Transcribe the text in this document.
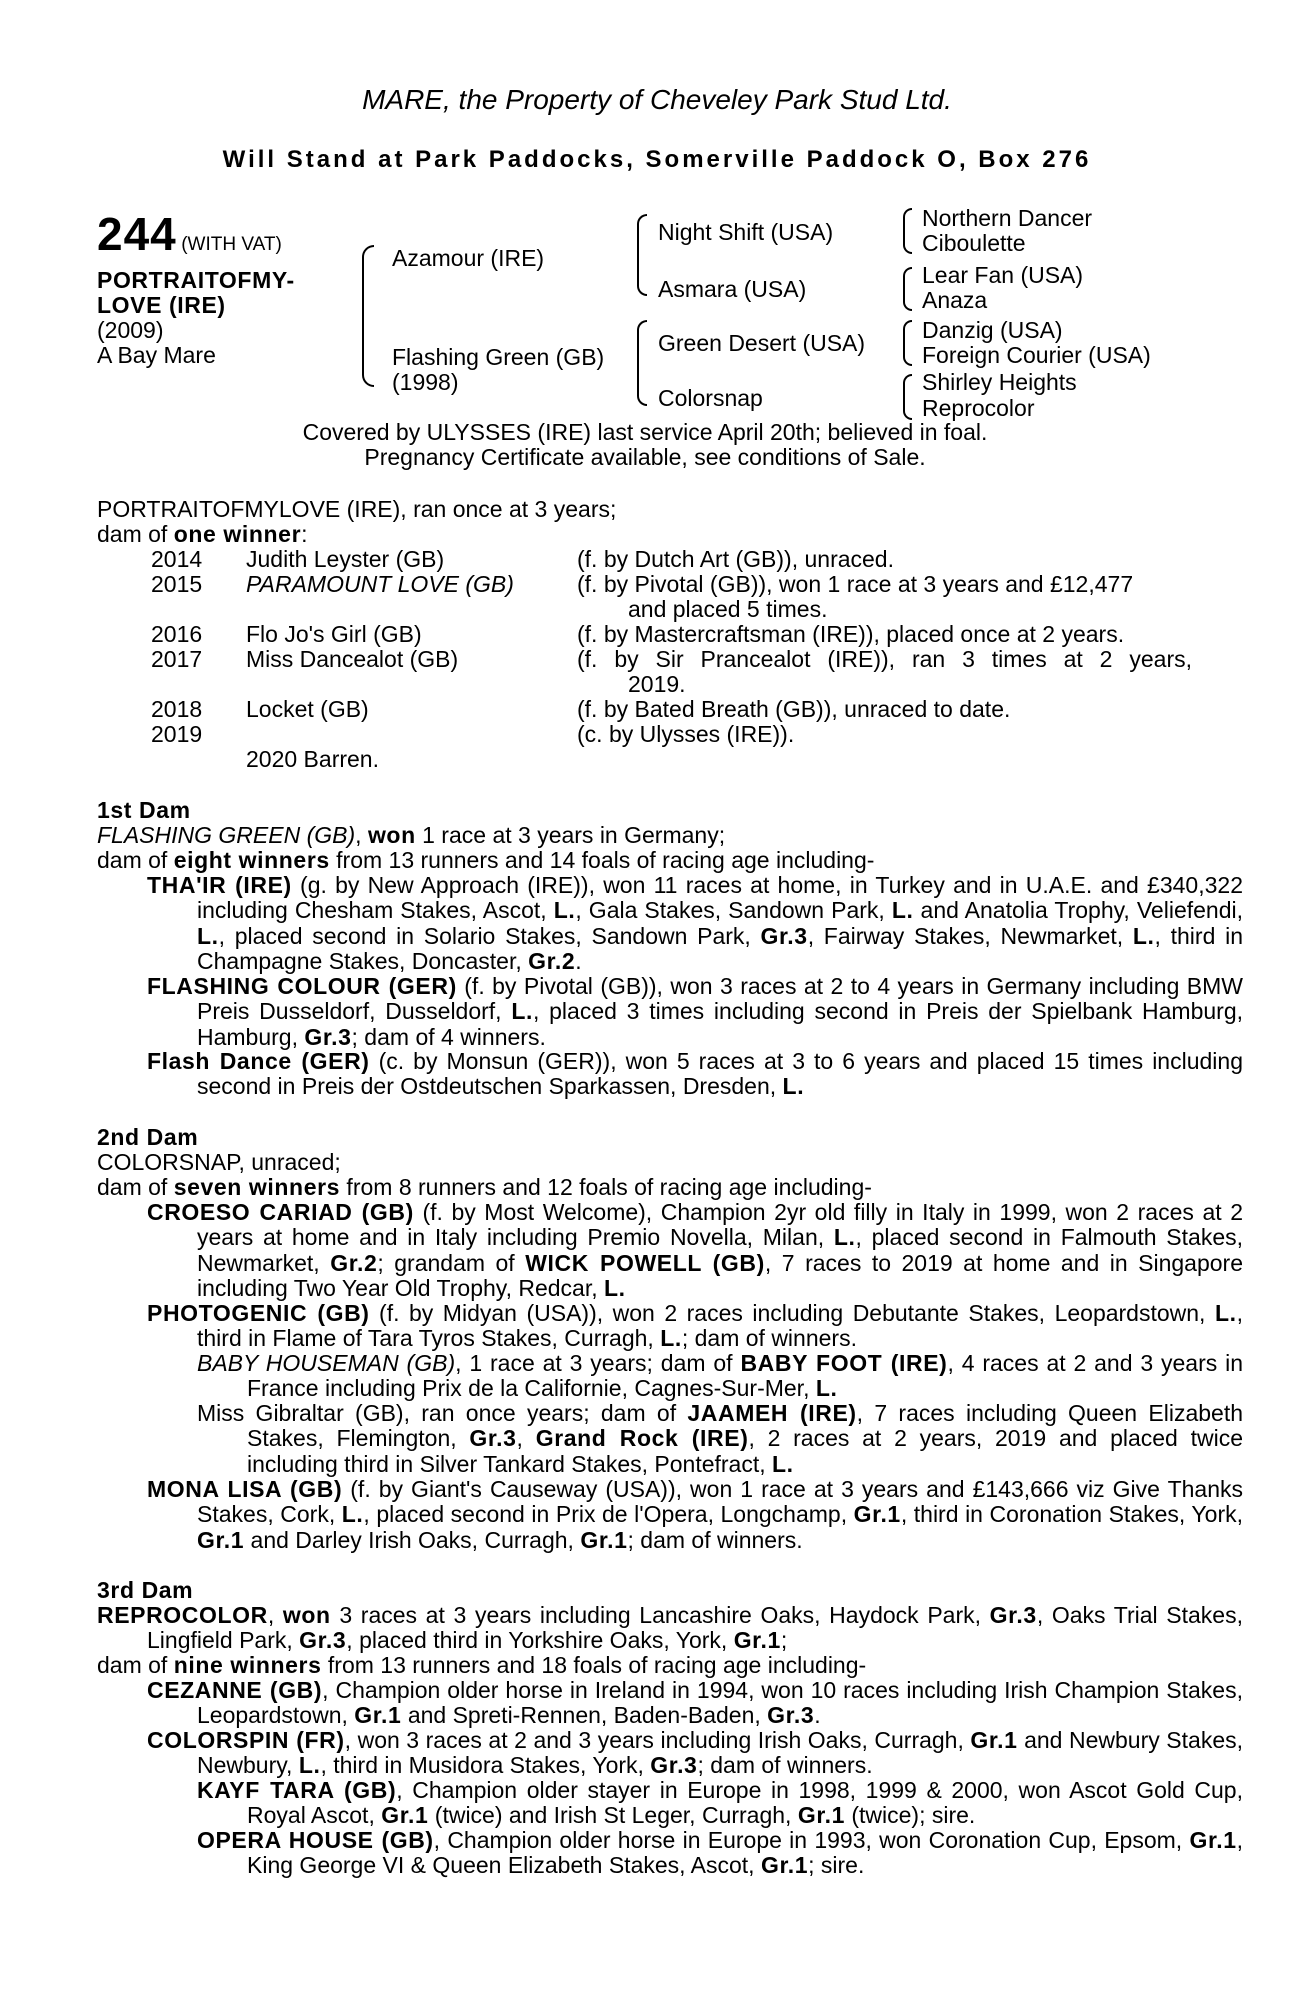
MARE, the Property of Cheveley Park Stud Ltd.
Will Stand at Park Paddocks, Somerville Paddock O, Box 276
244 (WITH VAT)
PORTRAITOFMY-
LOVE (IRE)
(2009)
A Bay Mare
Azamour (IRE)
Flashing Green (GB)
(1998)
Night Shift (USA)
Asmara (USA)
Green Desert (USA)
Colorsnap
Northern Dancer
Ciboulette
Lear Fan (USA)
Anaza
Danzig (USA)
Foreign Courier (USA)
Shirley Heights
Reprocolor
Covered by ULYSSES (IRE) last service April 20th; believed in foal.
Pregnancy Certificate available, see conditions of Sale.
PORTRAITOFMYLOVE (IRE), ran once at 3 years;
dam of one winner:
2014 Judith Leyster (GB)	(f. by Dutch Art (GB)), unraced.
2015 PARAMOUNT LOVE (GB)	(f. by Pivotal (GB)), won 1 race at 3 years and £12,477
and placed 5 times.
2016 Flo Jo's Girl (GB)	(f. by Mastercraftsman (IRE)), placed once at 2 years.
2017 Miss Dancealot (GB)	(f. by Sir Prancealot (IRE)), ran 3 times at 2 years,
2019.
2018 Locket (GB)	(f. by Bated Breath (GB)), unraced to date.
2019	(c. by Ulysses (IRE)).
2020 Barren.
1st Dam
FLASHING GREEN (GB), won 1 race at 3 years in Germany;
dam of eight winners from 13 runners and 14 foals of racing age including-
THA'IR (IRE) (g. by New Approach (IRE)), won 11 races at home, in Turkey and in U.A.E. and £340,322 including Chesham Stakes, Ascot, L., Gala Stakes, Sandown Park, L. and Anatolia Trophy, Veliefendi, L., placed second in Solario Stakes, Sandown Park, Gr.3, Fairway Stakes, Newmarket, L., third in Champagne Stakes, Doncaster, Gr.2.
FLASHING COLOUR (GER) (f. by Pivotal (GB)), won 3 races at 2 to 4 years in Germany including BMW Preis Dusseldorf, Dusseldorf, L., placed 3 times including second in Preis der Spielbank Hamburg, Hamburg, Gr.3; dam of 4 winners.
Flash Dance (GER) (c. by Monsun (GER)), won 5 races at 3 to 6 years and placed 15 times including second in Preis der Ostdeutschen Sparkassen, Dresden, L.
2nd Dam
COLORSNAP, unraced;
dam of seven winners from 8 runners and 12 foals of racing age including-
CROESO CARIAD (GB) (f. by Most Welcome), Champion 2yr old filly in Italy in 1999, won 2 races at 2 years at home and in Italy including Premio Novella, Milan, L., placed second in Falmouth Stakes, Newmarket, Gr.2; grandam of WICK POWELL (GB), 7 races to 2019 at home and in Singapore including Two Year Old Trophy, Redcar, L.
PHOTOGENIC (GB) (f. by Midyan (USA)), won 2 races including Debutante Stakes, Leopardstown, L., third in Flame of Tara Tyros Stakes, Curragh, L.; dam of winners.
BABY HOUSEMAN (GB), 1 race at 3 years; dam of BABY FOOT (IRE), 4 races at 2 and 3 years in France including Prix de la Californie, Cagnes-Sur-Mer, L.
Miss Gibraltar (GB), ran once years; dam of JAAMEH (IRE), 7 races including Queen Elizabeth Stakes, Flemington, Gr.3, Grand Rock (IRE), 2 races at 2 years, 2019 and placed twice including third in Silver Tankard Stakes, Pontefract, L.
MONA LISA (GB) (f. by Giant's Causeway (USA)), won 1 race at 3 years and £143,666 viz Give Thanks Stakes, Cork, L., placed second in Prix de l'Opera, Longchamp, Gr.1, third in Coronation Stakes, York, Gr.1 and Darley Irish Oaks, Curragh, Gr.1; dam of winners.
3rd Dam
REPROCOLOR, won 3 races at 3 years including Lancashire Oaks, Haydock Park, Gr.3, Oaks Trial Stakes, Lingfield Park, Gr.3, placed third in Yorkshire Oaks, York, Gr.1;
dam of nine winners from 13 runners and 18 foals of racing age including-
CEZANNE (GB), Champion older horse in Ireland in 1994, won 10 races including Irish Champion Stakes, Leopardstown, Gr.1 and Spreti-Rennen, Baden-Baden, Gr.3.
COLORSPIN (FR), won 3 races at 2 and 3 years including Irish Oaks, Curragh, Gr.1 and Newbury Stakes, Newbury, L., third in Musidora Stakes, York, Gr.3; dam of winners.
KAYF TARA (GB), Champion older stayer in Europe in 1998, 1999 & 2000, won Ascot Gold Cup, Royal Ascot, Gr.1 (twice) and Irish St Leger, Curragh, Gr.1 (twice); sire.
OPERA HOUSE (GB), Champion older horse in Europe in 1993, won Coronation Cup, Epsom, Gr.1, King George VI & Queen Elizabeth Stakes, Ascot, Gr.1; sire.
